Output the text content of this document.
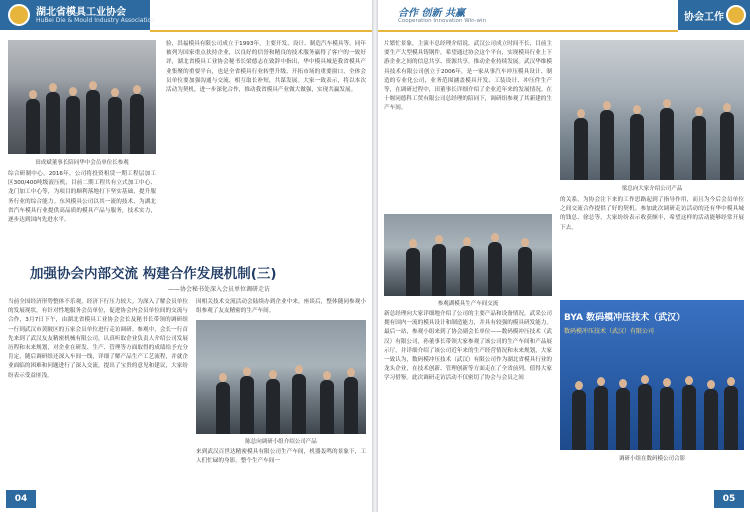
湖北省模具工业协会
HuBei Die & Mould Industry Association
田成斌董事长陪同华中会员单位长参观
综合研制中心。2016年，公司将投资租赁一期工程层加工区300/400吨级液压机，目前二期工程共有立式加工中心、龙门加工中心等，为项目的顺利落地打下坚实基础，提升服务行业的综合能力。东风模具公司以其一流的技术，为湖北省汽车模具行业提供高品质的模具产品与服务，技术实力，逐步达到国内先进水平。
验，洪福模具有限公司成立于1993年，主要开发、设计、制造汽车模具等，同年被列为国家重点扶持企业，以良好的信誉和精良的技术服务赢得了客户的一致好评，湖北省模具工业协会秘书长梁德志在致辞中指出，华中模具城是我省模具产业集聚的重要平台，也是全省模具行业转型升级、开拓市场的重要窗口，全体会员单位要加强沟通与交流，相互取长补短，共谋发展。大家一致表示，将以本次活动为契机，进一步深化合作，推动我省模具产业做大做强，实现共赢发展。
加强协会内部交流 构建合作发展机制(三)
——协会秘书处深入会员单位调研走访
当前全国经济形势整体不乐观，经济下行压力较大。为深入了解会员单位的发展现状，有针对性地服务会员单位，促进协会内会员单位间的交流与合作，3月7日下午，由湖北省模具工业协会会长及秘书长带领的调研组一行到武汉市黄陂区的五家会员单位进行走访调研。参观中，会长一行首先来到了武汉友友精密机械有限公司，认真听取企业负责人介绍公司发展历程和未来规划，对企业在研发、生产、管理等方面取得的成绩给予充分肯定，随后调研组还深入车间一线，详细了解产品生产工艺流程，并就企业面临的困难和问题进行了深入交流，提出了宝贵的意见和建议，大家纷纷表示受益匪浅。
因相关技术交流活动会陆续办到企业中来，座谈后，整体随同参观小组参观了友友精密的生产车间。
陈总向调研小组介绍公司产品
来到武汉百世达精密模具有限公司生产车间，机器轰鸣的景象下，工人们忙碌的身影，整个生产车间一
04
合作 创新 共赢
Cooperation Innovation Win-win	协会工作
片繁忙景象，主演丰总经理介绍说，武汉公司成立时间不长，目前主要生产大型模具铸钢件，希望通过协会这个平台，实现模具行业上下游企业之间的信息共享、资源共享，推动企业持续发展。武汉华维模具技术有限公司创立于2006年，是一家从事汽车冲压模具设计、制造的专业化公司，业务范围涵盖模具开发、工装设计、冲压件生产等，在调研过程中，田董事长详细介绍了企业近年来的发展情况。在十堰同德科工贸有限公司总经理的陪同下，调研组参观了其新建的生产车间。
梁总向大家介绍公司产品
参观湖模具生产车间交流
的关系，为协会注下来的工作思路起到了指导作用，而且为今后会员单位之间交流合作提供了好的契机。参加此次调研走访活动的还有华中模具城的钱总、徐总等，大家纷纷表示收获颇丰，希望这样的活动能够经常开展下去。
新总经理向大家详细地介绍了公司的主要产品和设备情况，武采公司拥有国内一流的模具设计和制造能力，并具有较强的模具研发能力。最后一站，参观小组来到了协会副会长单位——数码模冲压技术（武汉）有限公司，孙董事长带领大家参观了该公司的生产车间和产品展示厅，并详细介绍了该公司近年来的生产经营情况和未来规划，大家一致认为，数码模冲压技术（武汉）有限公司作为湖北省模具行业的龙头企业，在技术创新、管理创新等方面走在了全省前列，值得大家学习借鉴。此次调研走访活动不仅密切了协会与会员之间
BYA 数码模冲压技术（武汉）
数码模冲压技术（武汉）有限公司
调研小组在数码模公司合影
05
